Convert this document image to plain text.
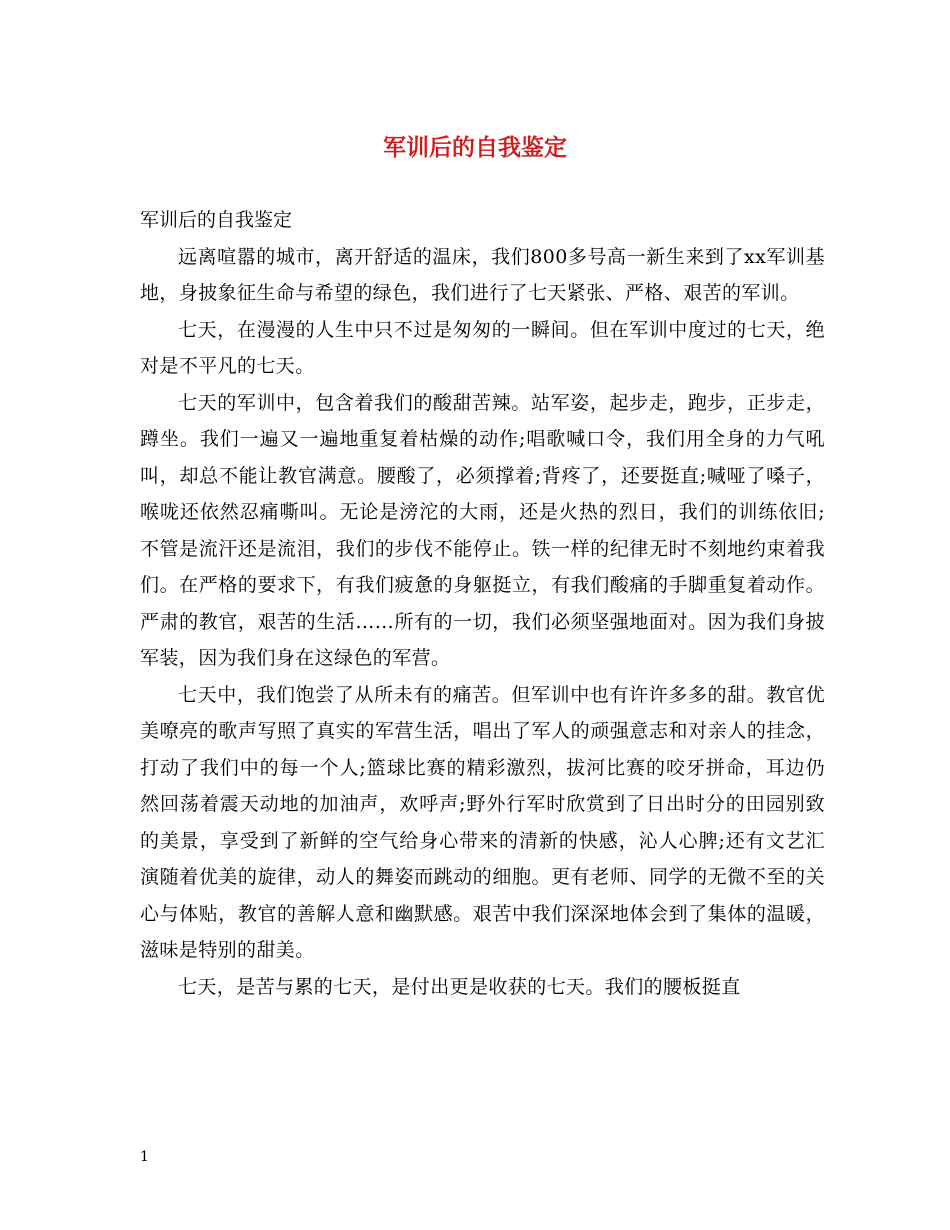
军训后的自我鉴定

军训后的自我鉴定

远离喧嚣的城市，离开舒适的温床，我们800多号高一新生来到了xx军训基地，身披象征生命与希望的绿色，我们进行了七天紧张、严格、艰苦的军训。

七天，在漫漫的人生中只不过是匆匆的一瞬间。但在军训中度过的七天，绝对是不平凡的七天。

七天的军训中，包含着我们的酸甜苦辣。站军姿，起步走，跑步，正步走，蹲坐。我们一遍又一遍地重复着枯燥的动作;唱歌喊口令，我们用全身的力气吼叫，却总不能让教官满意。腰酸了，必须撑着;背疼了，还要挺直;喊哑了嗓子，喉咙还依然忍痛嘶叫。无论是滂沱的大雨，还是火热的烈日，我们的训练依旧;不管是流汗还是流泪，我们的步伐不能停止。铁一样的纪律无时不刻地约束着我们。在严格的要求下，有我们疲惫的身躯挺立，有我们酸痛的手脚重复着动作。严肃的教官，艰苦的生活……所有的一切，我们必须坚强地面对。因为我们身披军装，因为我们身在这绿色的军营。

七天中，我们饱尝了从所未有的痛苦。但军训中也有许许多多的甜。教官优美嘹亮的歌声写照了真实的军营生活，唱出了军人的顽强意志和对亲人的挂念，打动了我们中的每一个人;篮球比赛的精彩激烈，拔河比赛的咬牙拼命，耳边仍然回荡着震天动地的加油声，欢呼声;野外行军时欣赏到了日出时分的田园别致的美景，享受到了新鲜的空气给身心带来的清新的快感，沁人心脾;还有文艺汇演随着优美的旋律，动人的舞姿而跳动的细胞。更有老师、同学的无微不至的关心与体贴，教官的善解人意和幽默感。艰苦中我们深深地体会到了集体的温暖，滋味是特别的甜美。

七天，是苦与累的七天，是付出更是收获的七天。我们的腰板挺直

1
